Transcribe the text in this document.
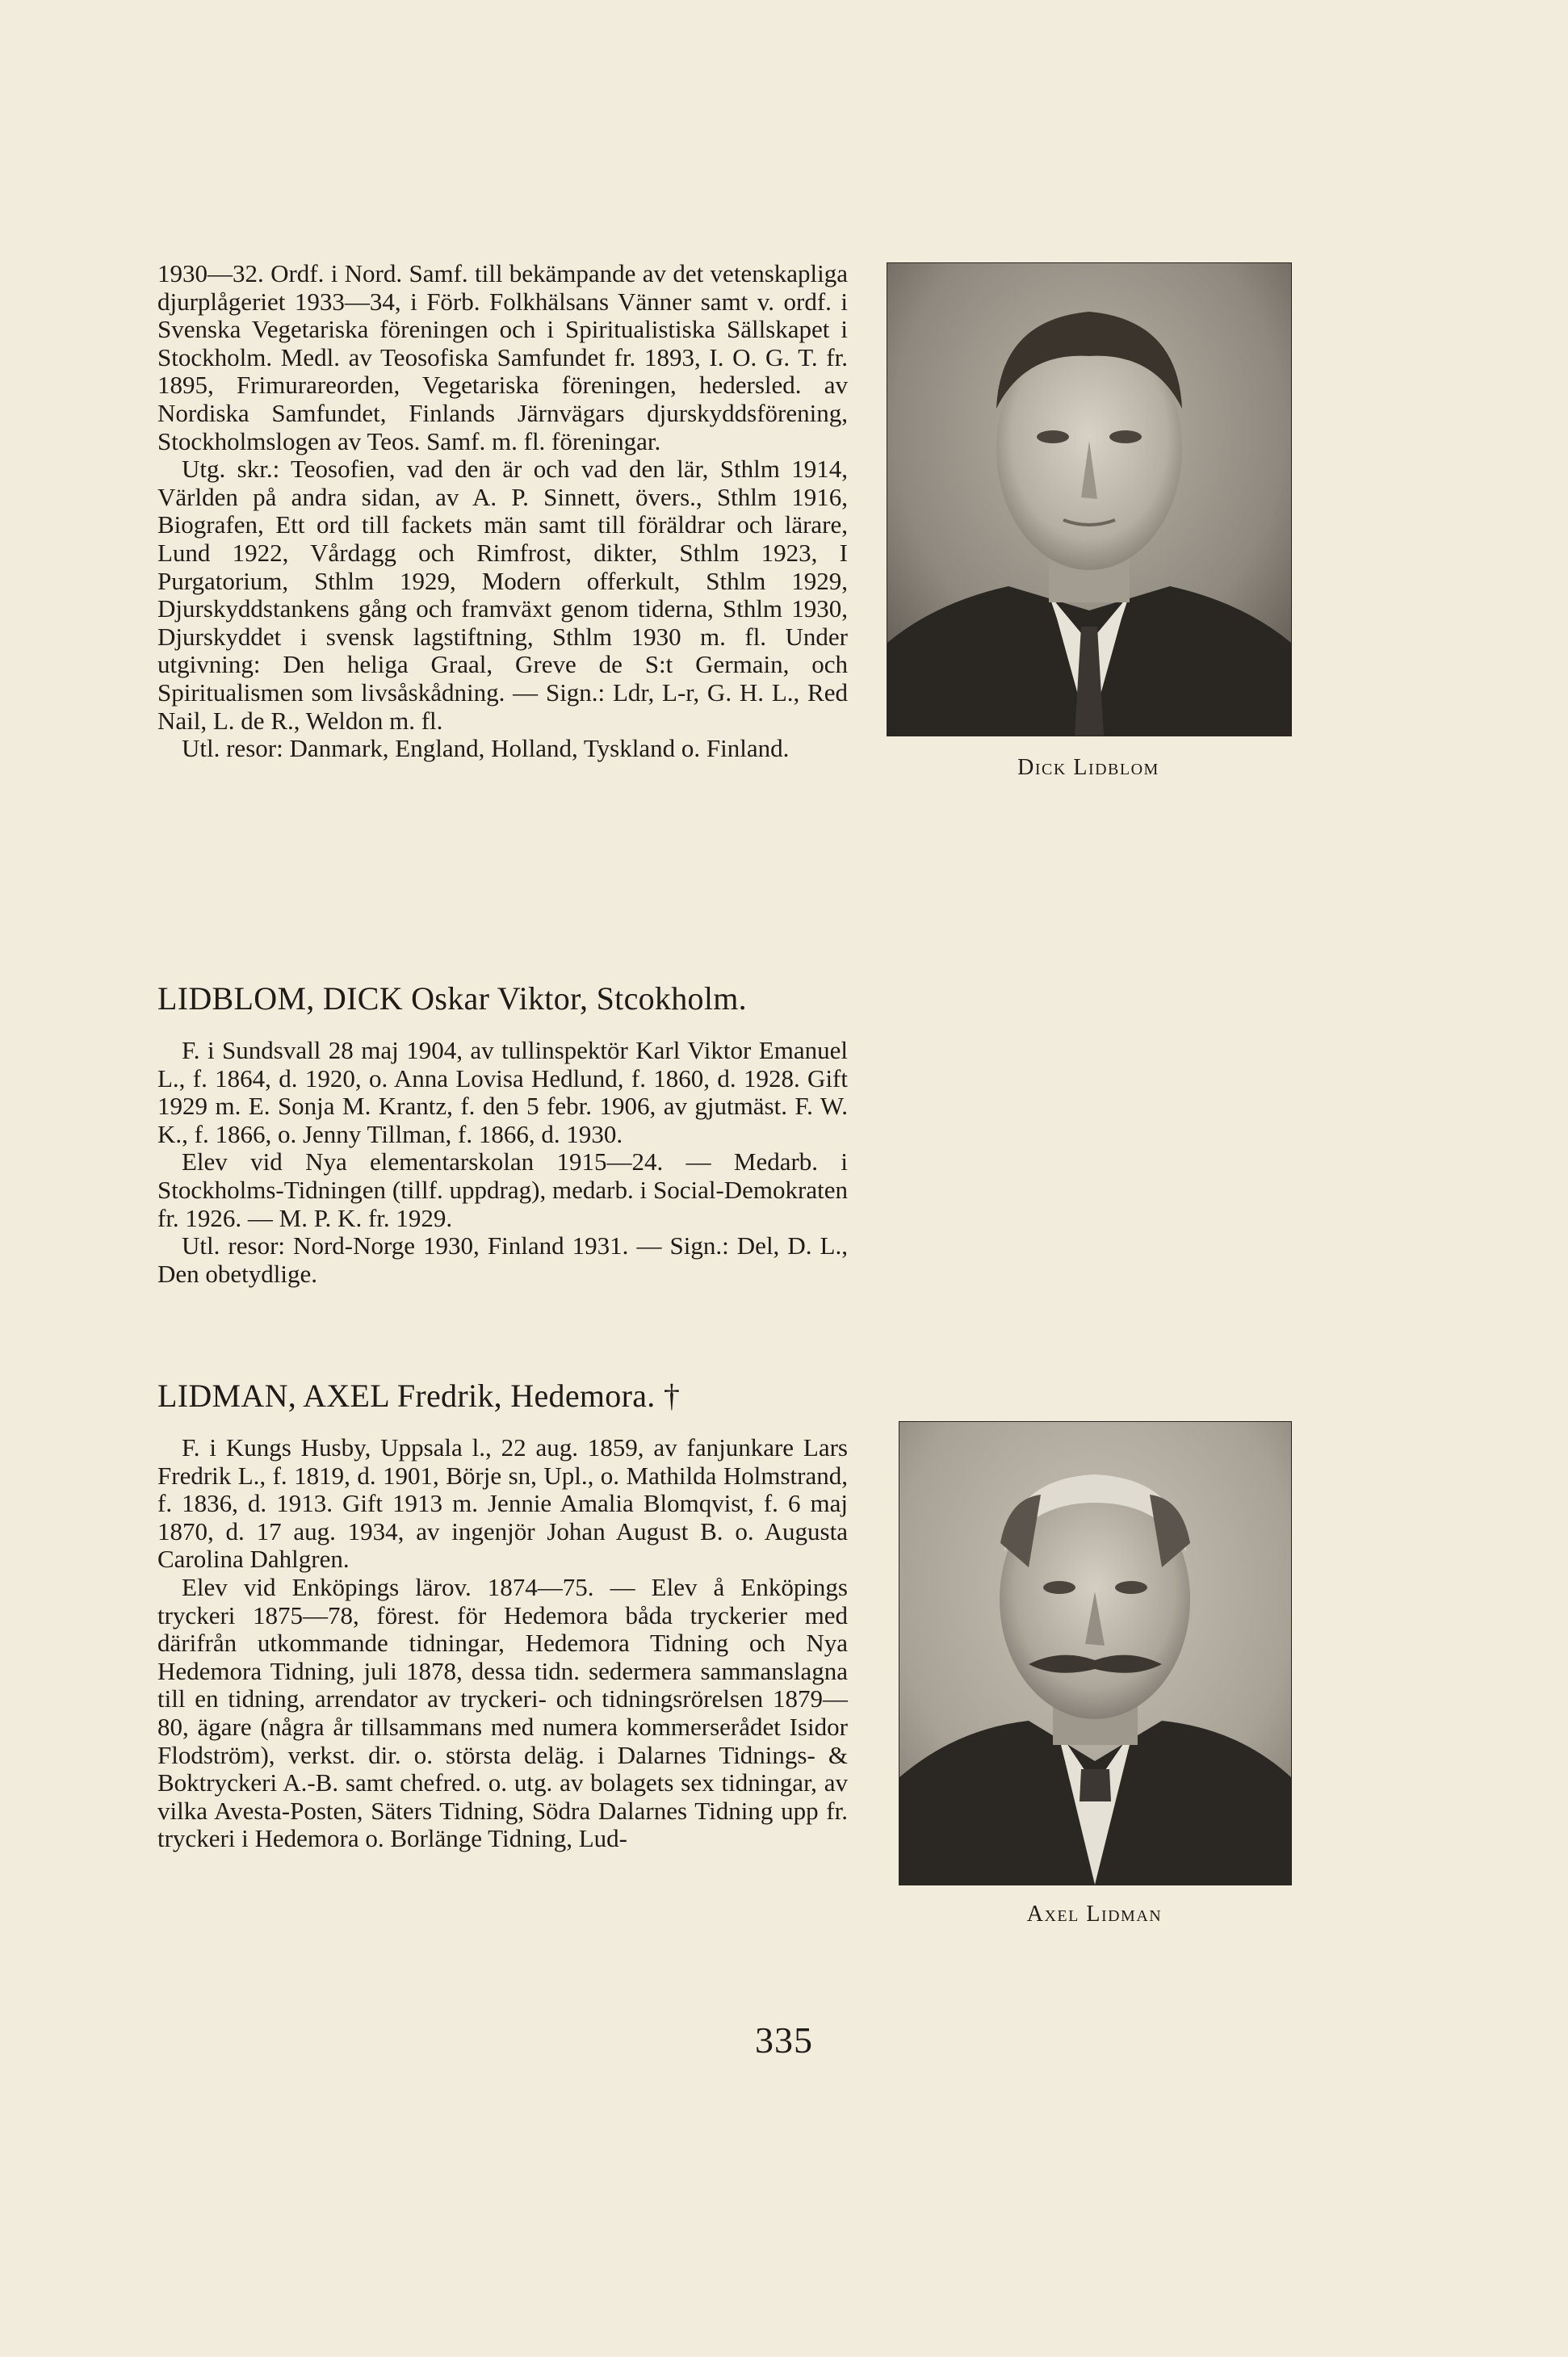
1930—32. Ordf. i Nord. Samf. till bekämpande av det vetenskapliga djurplågeriet 1933—34, i Förb. Folkhälsans Vänner samt v. ordf. i Svenska Vegetariska föreningen och i Spiritualistiska Sällskapet i Stockholm. Medl. av Teosofiska Samfundet fr. 1893, I. O. G. T. fr. 1895, Frimurareorden, Vegetariska föreningen, hedersled. av Nordiska Samfundet, Finlands Järnvägars djurskyddsförening, Stockholmslogen av Teos. Samf. m. fl. föreningar.

Utg. skr.: Teosofien, vad den är och vad den lär, Sthlm 1914, Världen på andra sidan, av A. P. Sinnett, övers., Sthlm 1916, Biografen, Ett ord till fackets män samt till föräldrar och lärare, Lund 1922, Vårdagg och Rimfrost, dikter, Sthlm 1923, I Purgatorium, Sthlm 1929, Modern offerkult, Sthlm 1929, Djurskyddstankens gång och framväxt genom tiderna, Sthlm 1930, Djurskyddet i svensk lagstiftning, Sthlm 1930 m. fl. Under utgivning: Den heliga Graal, Greve de S:t Germain, och Spiritualismen som livsåskådning. — Sign.: Ldr, L-r, G. H. L., Red Nail, L. de R., Weldon m. fl.

Utl. resor: Danmark, England, Holland, Tyskland o. Finland.

Dick Lidblom
LIDBLOM, DICK Oskar Viktor, Stcokholm.

F. i Sundsvall 28 maj 1904, av tullinspektör Karl Viktor Emanuel L., f. 1864, d. 1920, o. Anna Lovisa Hedlund, f. 1860, d. 1928. Gift 1929 m. E. Sonja M. Krantz, f. den 5 febr. 1906, av gjutmäst. F. W. K., f. 1866, o. Jenny Tillman, f. 1866, d. 1930.

Elev vid Nya elementarskolan 1915—24. — Medarb. i Stockholms-Tidningen (tillf. uppdrag), medarb. i Social-Demokraten fr. 1926. — M. P. K. fr. 1929.

Utl. resor: Nord-Norge 1930, Finland 1931. — Sign.: Del, D. L., Den obetydlige.

LIDMAN, AXEL Fredrik, Hedemora. †

F. i Kungs Husby, Uppsala l., 22 aug. 1859, av fanjunkare Lars Fredrik L., f. 1819, d. 1901, Börje sn, Upl., o. Mathilda Holmstrand, f. 1836, d. 1913. Gift 1913 m. Jennie Amalia Blomqvist, f. 6 maj 1870, d. 17 aug. 1934, av ingenjör Johan August B. o. Augusta Carolina Dahlgren.

Elev vid Enköpings lärov. 1874—75. — Elev å Enköpings tryckeri 1875—78, förest. för Hedemora båda tryckerier med därifrån utkommande tidningar, Hedemora Tidning och Nya Hedemora Tidning, juli 1878, dessa tidn. sedermera sammanslagna till en tidning, arrendator av tryckeri- och tidningsrörelsen 1879—80, ägare (några år tillsammans med numera kommerserådet Isidor Flodström), verkst. dir. o. största deläg. i Dalarnes Tidnings- & Boktryckeri A.-B. samt chefred. o. utg. av bolagets sex tidningar, av vilka Avesta-Posten, Säters Tidning, Södra Dalarnes Tidning upp fr. tryckeri i Hedemora o. Borlänge Tidning, Lud-

Axel Lidman
335
